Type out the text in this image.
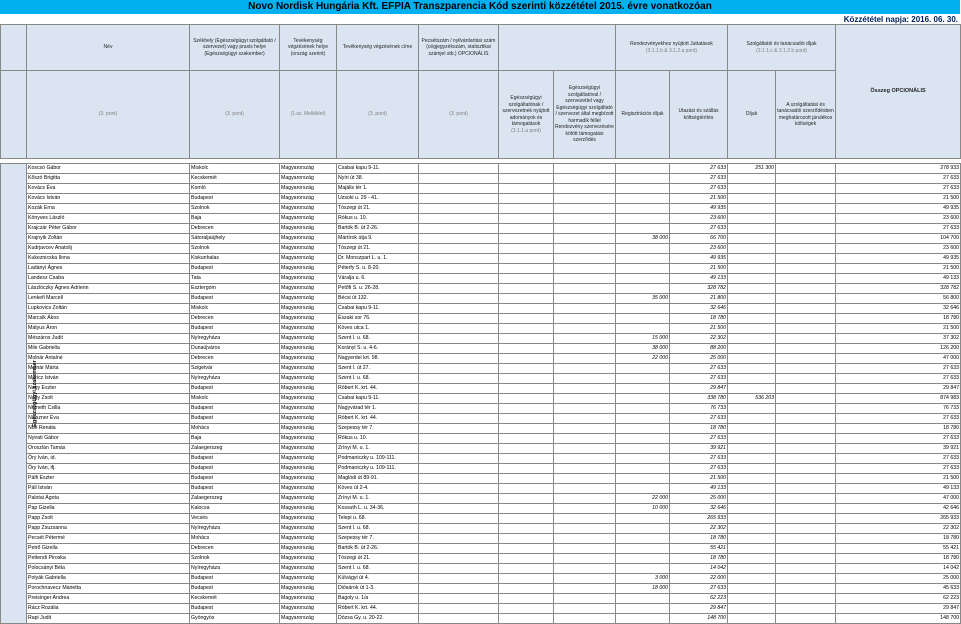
Novo Nordisk Hungária Kft. EFPIA Transzparencia Kód szerinti közzététel 2015. évre vonatkozóan
Közzététel napja: 2016. 06. 30.
	Név	Székhely (Egészségügyi szolgáltató / szervezet) vagy praxis helye (Egészségügyi szakember)	Tevékenység végzésének helye (ország szerint)	Tevékenység végzésének címe	Pecsétszám / nyilvántartási szám (cégjegyzékszám, statisztikai számjel stb.) OPCIONÁLIS			Rendezvényekhez nyújtott Juttatások
(3.1.1.b & 3.1.2.a pont)		Szolgáltatói és tanácsadói díjak
(3.1.1.c & 3.1.2.b pont)		Összeg OPCIONÁLIS
	(3. pont)	(3. pont)	(1.sz. Melléklet)	(3. pont)	(3. pont)	Egészségügyi szolgáltatónak / szervezetnek nyújtott adományok és támogatások
(3.1.1.a pont)	Egészségügyi szolgáltatóval / szervezettel vagy Egészségügyi szolgáltató / szervezet által megbízott harmadik féllel Rendezvény szervezésére kötött támogatási szerződés	Regisztrációs díjak	Utazási és szállás költségtérítés	Díjak	A szolgáltatási és tanácsadói szerződésben meghatározott járulékos költségek	

Egészségügyi szakember	Koscsó Gábor	Miskolc	Magyarország	Csabai kapu 9-11.					27 633	251 300		278 933
	Kőszó Brigitta	Kecskemét	Magyarország	Nyíri út 38.					27 633			27 633
	Kovács Éva	Komló	Magyarország	Majális tér 1.					27 633			27 633
	Kovács István	Budapest	Magyarország	Uzsoki u. 29 - 41.					21 500			21 500
	Kozák Erna	Szolnok	Magyarország	Tószegi út 21.					49 935			49 935
	Könyves László	Baja	Magyarország	Rókus u. 10.					23 600			23 600
	Krajczár Péter Gábor	Debrecen	Magyarország	Bartók B. út 2-26.					27 633			27 633
	Krajnyik Zoltán	Sátoraljaújhely	Magyarország	Mártírok útja 9.				38 000	66 700			104 700
	Kudrjavcev Anatolij	Szolnok	Magyarország	Tószegi út 21.					23 600			23 600
	Kukeznicska Ilona	Kiskunhalas	Magyarország	Dr. Monszpart L. u. 1.					49 935			49 935
	Ladányi Ágnes	Budapest	Magyarország	Péterfy S. u. 8-20.					21 500			21 500
	Landesz Csaba	Tata	Magyarország	Váralja u. 6.					49 133			49 133
	Lászlóczky Ágnes Adrienn	Esztergom	Magyarország	Petőfi S. u. 26-28.					328 782			328 782
	Lenkefi Marcell	Budapest	Magyarország	Bécsi út 132.				35 000	21 800			56 800
	Lupkovics Zoltán	Miskolc	Magyarország	Csabai kapu 9-11.					32 646			32 646
	Marcsik Ákos	Debrecen	Magyarország	Északi sor 76.					18 780			18 780
	Mátyus Áron	Budapest	Magyarország	Köves utca 1.					21 500			21 500
	Mészáros Judit	Nyíregyháza	Magyarország	Szent I. u. 68.				15 000	22 302			37 302
	Mile Gabriella	Dunaújváros	Magyarország	Korányi S. u. 4-6.				38 000	88 200			126 200
	Molnár Antalné	Debrecen	Magyarország	Nagyerdei krt. 98.				22 000	25 000			47 000
	Molnár Márta	Szigetvár	Magyarország	Szent I. út 27.					27 633			27 633
	Móricz István	Nyíregyháza	Magyarország	Szent I. u. 68.					27 633			27 633
	Nagy Eszter	Budapest	Magyarország	Róbert K. krt. 44.					29 847			29 847
	Nagy Zsolt	Miskolc	Magyarország	Csabai kapu 9-11.					338 780	536 203		874 983
	Németh Csilla	Budapest	Magyarország	Nagyvárad tér 1.					76 733			76 733
	Nieszner Éva	Budapest	Magyarország	Róbert K. krt. 44.					27 633			27 633
	Noé Renáta	Mohács	Magyarország	Szepessy tér 7.					18 780			18 780
	Nyirati Gábor	Baja	Magyarország	Rókus u. 10.					27 633			27 633
	Oroszlán Tamás	Zalaegerszeg	Magyarország	Zrínyi M. u. 1.					39 921			39 921
	Őry Iván, id.	Budapest	Magyarország	Podmaniczky u. 109-111.					27 633			27 633
	Őry Iván, ifj.	Budapest	Magyarország	Podmaniczky u. 109-111.					27 633			27 633
	Pálfi Eszter	Budapest	Magyarország	Maglódi út 89-91.					21 500			21 500
	Páll István	Budapest	Magyarország	Köves út 2-4.					49 133			49 133
	Palotai Ágota	Zalaegerszeg	Magyarország	Zrínyi M. u. 1.				22 000	25 000			47 000
	Pap Gizella	Kalocsa	Magyarország	Kossuth L. u. 34-36.				10 000	32 646			42 646
	Papp Zsolt	Vecsés	Magyarország	Telepi u. 68.					265 933			265 933
	Papp Zsuzsanna	Nyíregyháza	Magyarország	Szent I. u. 68.					22 302			22 302
	Pecsét Pétermé	Mohács	Magyarország	Szepessy tér 7.					18 780			18 780
	Petrő Gizella	Debrecen	Magyarország	Bartók B. út 2-26.					55 421			55 421
	Pettendi Piroska	Szolnok	Magyarország	Tószegi út 21.					18 780			18 780
	Polocsányi Béla	Nyíregyháza	Magyarország	Szent I. u. 68.					14 042			14 042
	Polyák Gabriella	Budapest	Magyarország	Külvágyi út 4.				3 000	22 000			25 000
	Porochnavecz Marietta	Budapest	Magyarország	Diósárok út 1-3.				18 000	27 633			45 633
	Preisinger Andrea	Kecskemét	Magyarország	Bagoly u. 1/a					62 223			62 223
	Rácz Rozália	Budapest	Magyarország	Róbert K. krt. 44.					29 847			29 847
	Rapi Judit	Gyöngyös	Magyarország	Dózsa Gy. u. 20-22.					148 700			148 700
